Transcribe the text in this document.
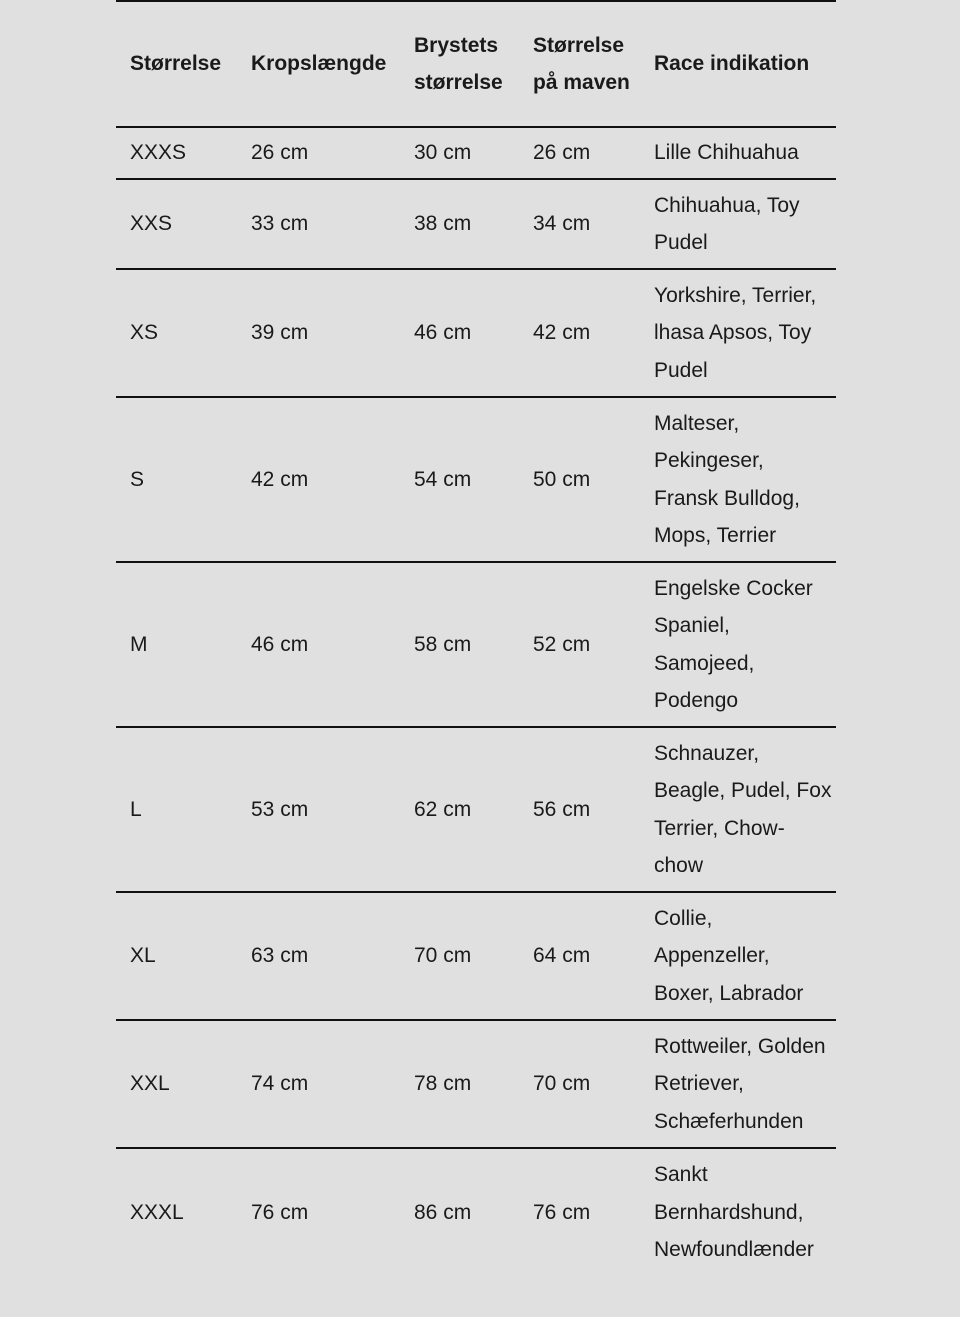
Størrelse	Kropslængde	Brystets størrelse	Størrelse på maven	Race indikation
XXXS	26 cm	30 cm	26 cm	Lille Chihuahua
XXS	33 cm	38 cm	34 cm	Chihuahua, Toy Pudel
XS	39 cm	46 cm	42 cm	Yorkshire, Terrier, lhasa Apsos, Toy Pudel
S	42 cm	54 cm	50 cm	Malteser, Pekingeser, Fransk Bulldog, Mops, Terrier
M	46 cm	58 cm	52 cm	Engelske Cocker Spaniel, Samojeed, Podengo
L	53 cm	62 cm	56 cm	Schnauzer, Beagle, Pudel, Fox Terrier, Chow-chow
XL	63 cm	70 cm	64 cm	Collie, Appenzeller, Boxer, Labrador
XXL	74 cm	78 cm	70 cm	Rottweiler, Golden Retriever, Schæferhunden
XXXL	76 cm	86 cm	76 cm	Sankt Bernhardshund, Newfoundlænder
